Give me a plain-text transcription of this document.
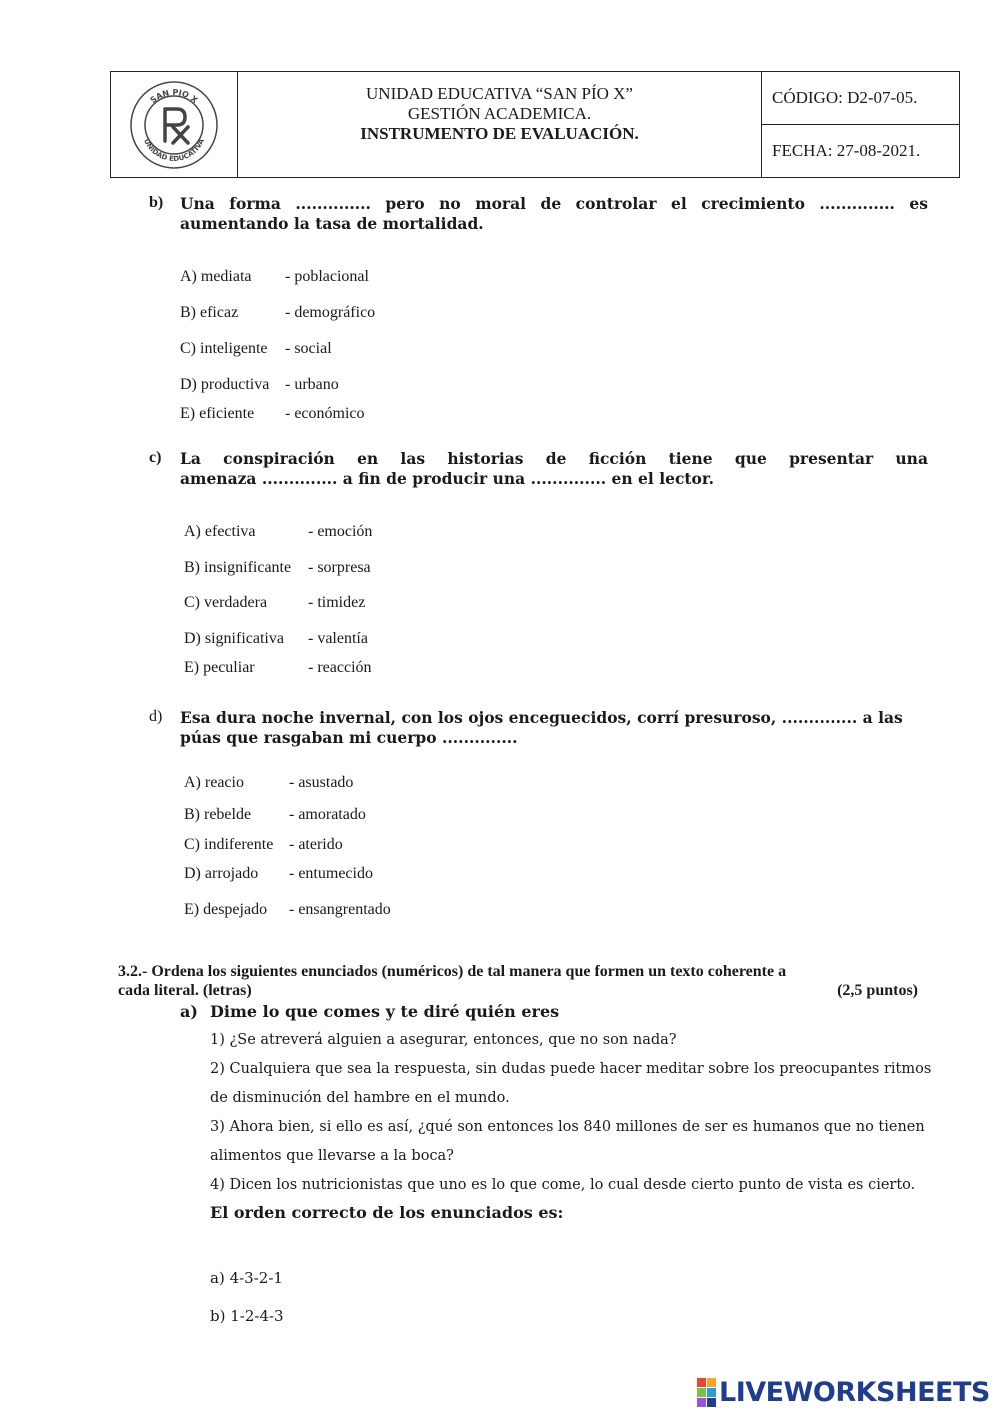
SAN PIO X
UNIDAD EDUCATIVA
UNIDAD EDUCATIVA “SAN PÍO X”
GESTIÓN ACADEMICA.
INSTRUMENTO DE EVALUACIÓN.
CÓDIGO: D2-07-05.
FECHA: 27-08-2021.
b) Una forma .............. pero no moral de controlar el crecimiento .............. es
aumentando la tasa de mortalidad.
A) mediata	- poblacional
B) eficaz	- demográfico
C) inteligente	- social
D) productiva - urbano
E) eficiente	- económico
c) La conspiración en las historias de ficción tiene que presentar una
amenaza .............. a fin de producir una .............. en el lector.
A) efectiva	- emoción
B) insignificante	- sorpresa
C) verdadera	- timidez
D) significativa	- valentía
E) peculiar	- reacción
d) Esa dura noche invernal, con los ojos enceguecidos, corrí presuroso, .............. a las
púas que rasgaban mi cuerpo ..............
A) reacio	- asustado
B) rebelde	- amoratado
C) indiferente - aterido
D) arrojado	- entumecido
E) despejado	- ensangrentado
3.2.- Ordena los siguientes enunciados (numéricos) de tal manera que formen un texto coherente a
cada literal. (letras)	(2,5 puntos)
a) Dime lo que comes y te diré quién eres
1) ¿Se atreverá alguien a asegurar, entonces, que no son nada?
2) Cualquiera que sea la respuesta, sin dudas puede hacer meditar sobre los preocupantes ritmos
de disminución del hambre en el mundo.
3) Ahora bien, si ello es así, ¿qué son entonces los 840 millones de ser es humanos que no tienen
alimentos que llevarse a la boca?
4) Dicen los nutricionistas que uno es lo que come, lo cual desde cierto punto de vista es cierto.
El orden correcto de los enunciados es:
a) 4-3-2-1
b) 1-2-4-3
LIVEWORKSHEETS
